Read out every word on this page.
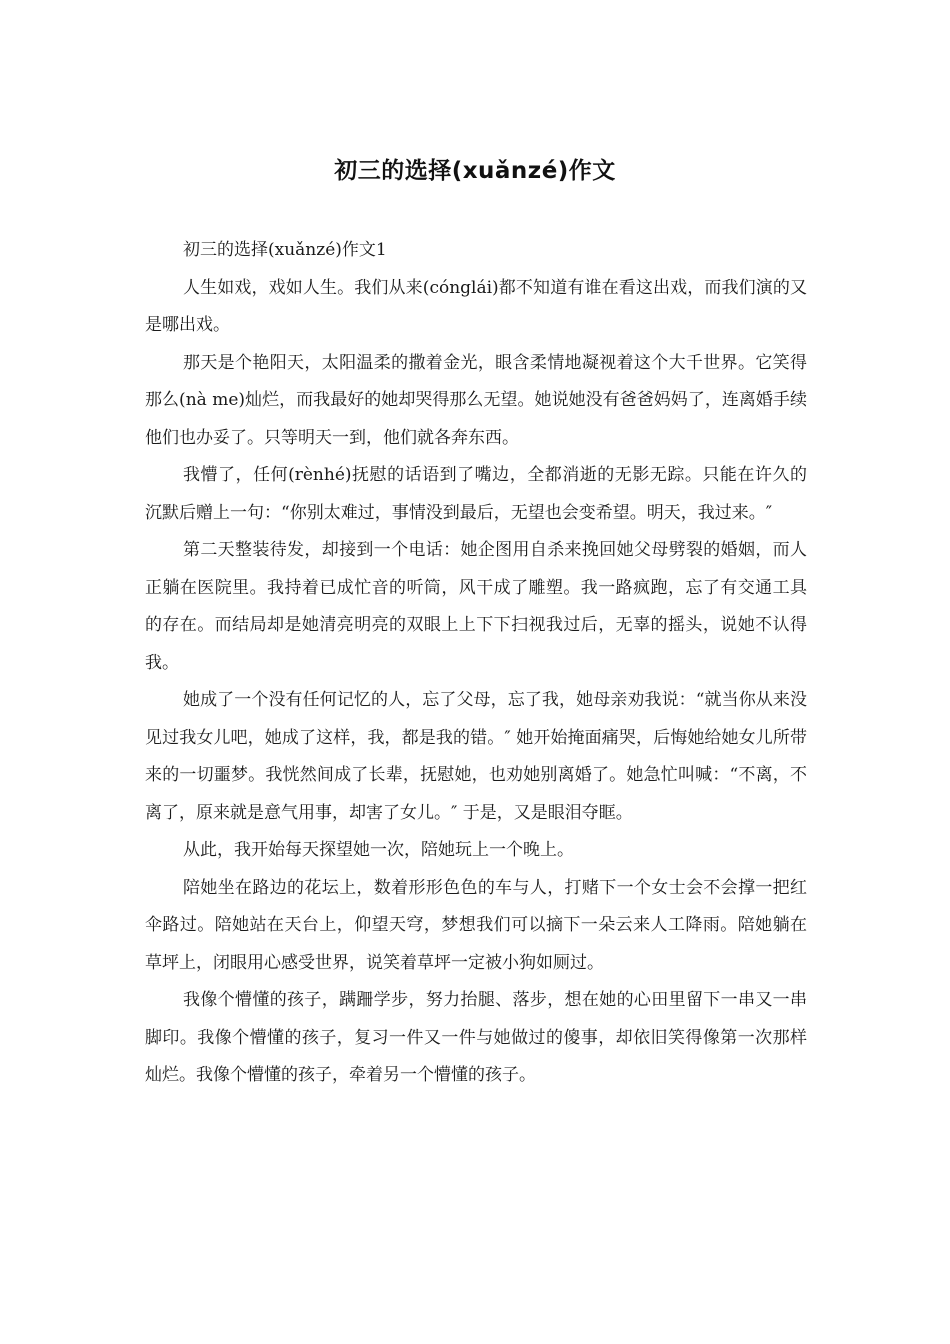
初三的选择(xuǎnzé)作文

初三的选择(xuǎnzé)作文1

人生如戏，戏如人生。我们从来(cónglái)都不知道有谁在看这出戏，而我们演的又是哪出戏。

那天是个艳阳天，太阳温柔的撒着金光，眼含柔情地凝视着这个大千世界。它笑得那么(nà me)灿烂，而我最好的她却哭得那么无望。她说她没有爸爸妈妈了，连离婚手续他们也办妥了。只等明天一到，他们就各奔东西。

我懵了，任何(rènhé)抚慰的话语到了嘴边，全都消逝的无影无踪。只能在许久的沉默后赠上一句：“你别太难过，事情没到最后，无望也会变希望。明天，我过来。″

第二天整装待发，却接到一个电话：她企图用自杀来挽回她父母劈裂的婚姻，而人正躺在医院里。我持着已成忙音的听筒，风干成了雕塑。我一路疯跑，忘了有交通工具的存在。而结局却是她清亮明亮的双眼上上下下扫视我过后，无辜的摇头，说她不认得我。

她成了一个没有任何记忆的人，忘了父母，忘了我，她母亲劝我说：“就当你从来没见过我女儿吧，她成了这样，我，都是我的错。″ 她开始掩面痛哭，后悔她给她女儿所带来的一切噩梦。我恍然间成了长辈，抚慰她，也劝她别离婚了。她急忙叫喊：“不离，不离了，原来就是意气用事，却害了女儿。″ 于是，又是眼泪夺眶。

从此，我开始每天探望她一次，陪她玩上一个晚上。

陪她坐在路边的花坛上，数着形形色色的车与人，打赌下一个女士会不会撑一把红伞路过。陪她站在天台上，仰望天穹，梦想我们可以摘下一朵云来人工降雨。陪她躺在草坪上，闭眼用心感受世界，说笑着草坪一定被小狗如厕过。

我像个懵懂的孩子，蹒跚学步，努力抬腿、落步，想在她的心田里留下一串又一串脚印。我像个懵懂的孩子，复习一件又一件与她做过的傻事，却依旧笑得像第一次那样灿烂。我像个懵懂的孩子，牵着另一个懵懂的孩子。
